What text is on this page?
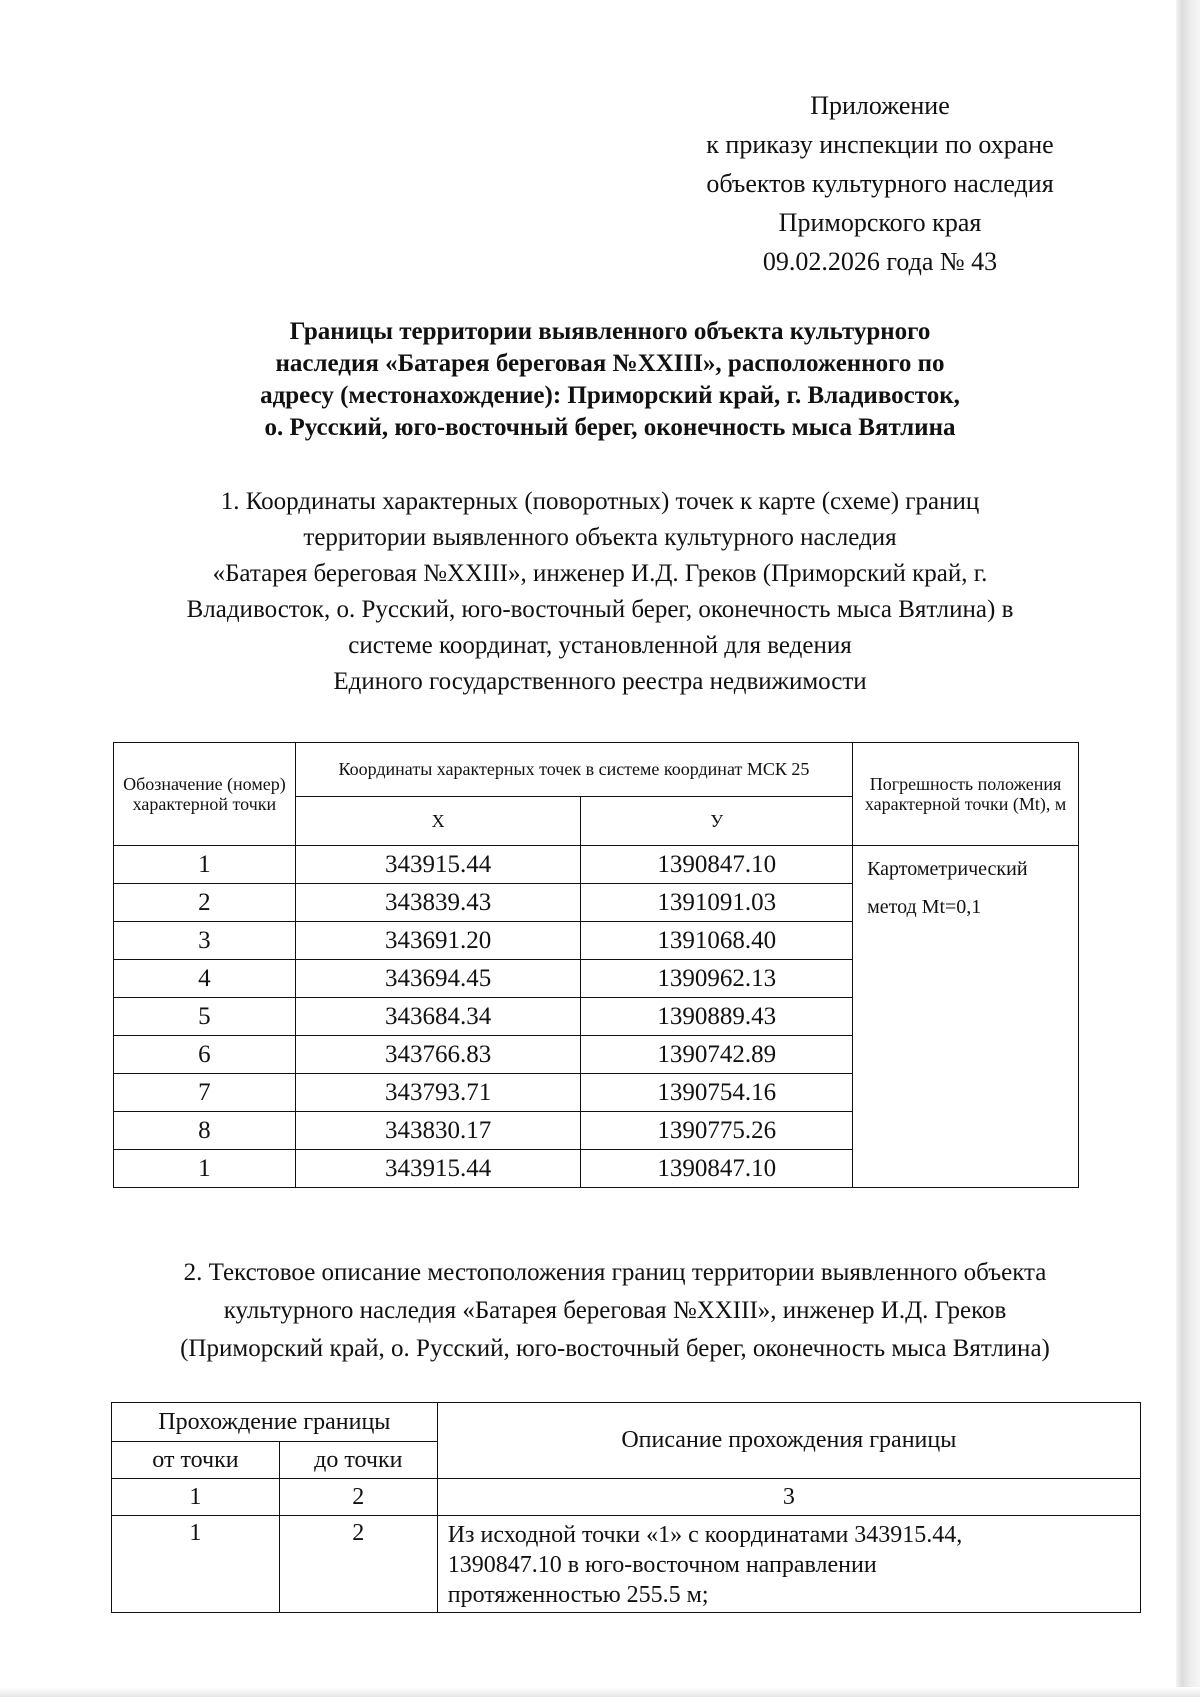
Приложение
к приказу инспекции по охране
объектов культурного наследия
Приморского края
09.02.2026 года № 43
Границы территории выявленного объекта культурного
наследия «Батарея береговая №XXIII», расположенного по
адресу (местонахождение): Приморский край, г. Владивосток,
о. Русский, юго-восточный берег, оконечность мыса Вятлина
1. Координаты характерных (поворотных) точек к карте (схеме) границ
территории выявленного объекта культурного наследия
«Батарея береговая №XXIII», инженер И.Д. Греков (Приморский край, г.
Владивосток, о. Русский, юго-восточный берег, оконечность мыса Вятлина) в
системе координат, установленной для ведения
Единого государственного реестра недвижимости
Обозначение (номер) характерной точки	Координаты характерных точек в системе координат МСК 25		Погрешность положения характерной точки (Mt), м
	X	У	
1	343915.44	1390847.10	Картометрический
метод Mt=0,1

2	343839.43	1391091.03	
3	343691.20	1391068.40	
4	343694.45	1390962.13	
5	343684.34	1390889.43	
6	343766.83	1390742.89	
7	343793.71	1390754.16	
8	343830.17	1390775.26	
1	343915.44	1390847.10	
2. Текстовое описание местоположения границ территории выявленного объекта
культурного наследия «Батарея береговая №XXIII», инженер И.Д. Греков
(Приморский край, о. Русский, юго-восточный берег, оконечность мыса Вятлина)
Прохождение границы		Описание прохождения границы
от точки	до точки	
1	2	3
1	2	Из исходной точки «1» с координатами 343915.44,
1390847.10 в юго-восточном направлении
протяженностью 255.5 м;
